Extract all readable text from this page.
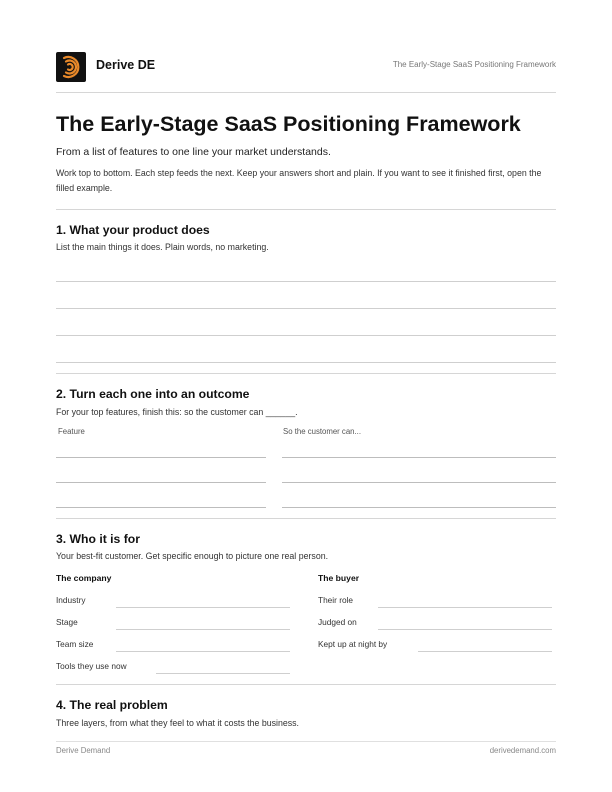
Derive DE	The Early-Stage SaaS Positioning Framework
The Early-Stage SaaS Positioning Framework
From a list of features to one line your market understands.
Work top to bottom. Each step feeds the next. Keep your answers short and plain. If you want to see it finished first, open the filled example.
1. What your product does
List the main things it does. Plain words, no marketing.
2. Turn each one into an outcome
For your top features, finish this: so the customer can ______.
Feature	So the customer can...
3. Who it is for
Your best-fit customer. Get specific enough to picture one real person.
The company
Industry
Stage
Team size
Tools they use now
The buyer
Their role
Judged on
Kept up at night by
4. The real problem
Three layers, from what they feel to what it costs the business.
Derive Demand	derivedemand.com
